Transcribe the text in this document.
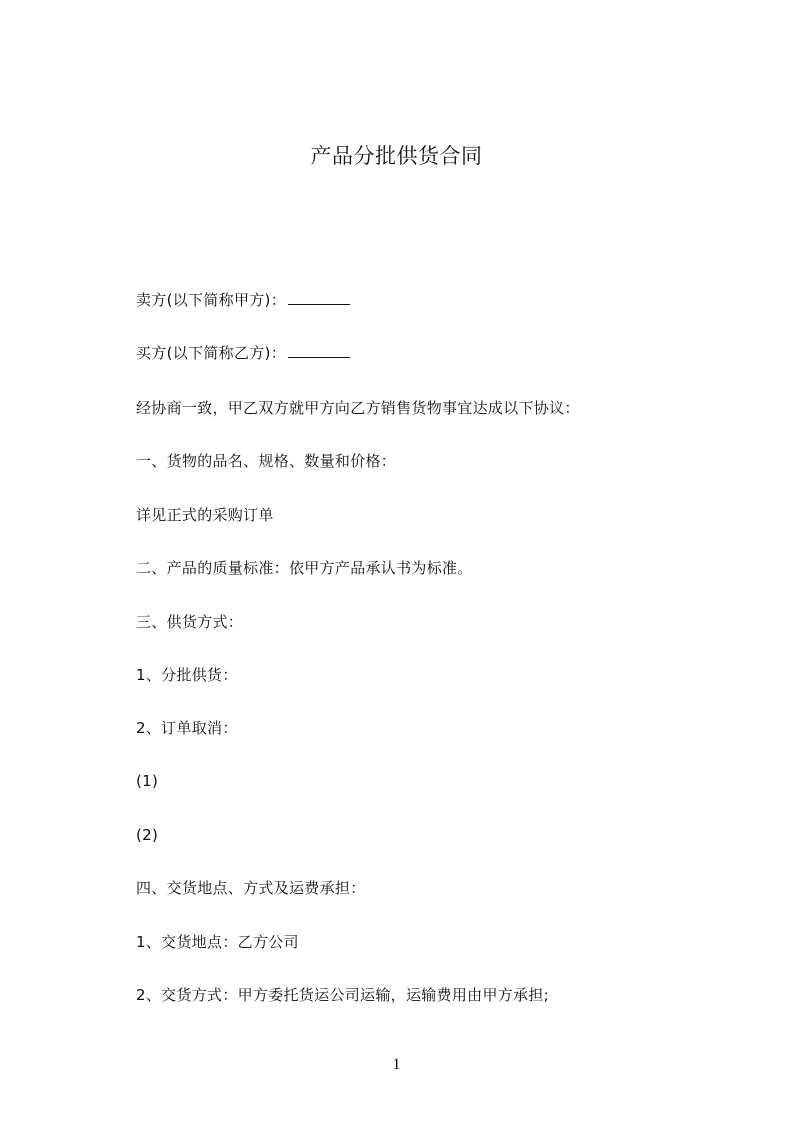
产品分批供货合同

卖方(以下简称甲方)：

买方(以下简称乙方)：

经协商一致，甲乙双方就甲方向乙方销售货物事宜达成以下协议：

一、货物的品名、规格、数量和价格：

详见正式的采购订单

二、产品的质量标准：依甲方产品承认书为标准。

三、供货方式：

1、分批供货：

2、订单取消：

(1)

(2)

四、交货地点、方式及运费承担：

1、交货地点：乙方公司

2、交货方式：甲方委托货运公司运输，运输费用由甲方承担;

1
